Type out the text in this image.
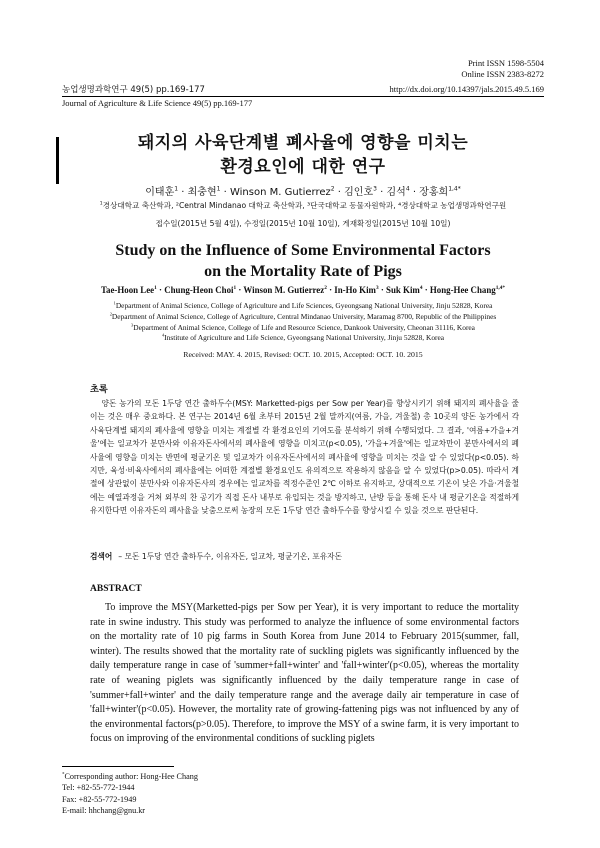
Print ISSN 1598-5504
Online ISSN 2383-8272
농업생명과학연구 49(5) pp.169-177	http://dx.doi.org/10.14397/jals.2015.49.5.169
Journal of Agriculture & Life Science 49(5) pp.169-177
돼지의 사육단계별 폐사율에 영향을 미치는
환경요인에 대한 연구
이태훈$^1$ · 최충현$^1$ · Winson M. Gutierrez$^2$ · 김인호$^3$ · 김석$^4$ · 장홍희$^{1,4*}$
$^1$경상대학교 축산학과, ²Central Mindanao 대학교 축산학과, ³단국대학교 동물자원학과, ⁴경상대학교 농업생명과학연구원
접수일(2015년 5월 4일), 수정일(2015년 10월 10일), 게재확정일(2015년 10월 10일)
Study on the Influence of Some Environmental Factors
on the Mortality Rate of Pigs
Tae-Hoon Lee$^1$ · Chung-Heon Choi$^1$ · Winson M. Gutierrez$^2$ · In-Ho Kim$^3$ · Suk Kim$^4$ · Hong-Hee Chang$^{1,4*}$
$^1$Department of Animal Science, College of Agriculture and Life Sciences, Gyeongsang National University, Jinju 52828, Korea
$^2$Department of Animal Science, College of Agriculture, Central Mindanao University, Maramag 8700, Republic of the Philippines
$^3$Department of Animal Science, College of Life and Resource Science, Dankook University, Cheonan 31116, Korea
$^4$Institute of Agriculture and Life Science, Gyeongsang National University, Jinju 52828, Korea
Received: MAY. 4. 2015, Revised: OCT. 10. 2015, Accepted: OCT. 10. 2015
초록
양돈 농가의 모돈 1두당 연간 출하두수(MSY: Marketted-pigs per Sow per Year)를 향상시키기 위해 돼지의 폐사율을 줄이는 것은 매우 중요하다. 본 연구는 2014년 6월 초부터 2015년 2월 말까지(여름, 가을, 겨울철) 총 10곳의 양돈 농가에서 각 사육단계별 돼지의 폐사율에 영향을 미치는 계절별 각 환경요인의 기여도를 분석하기 위해 수행되었다. 그 결과, '여름+가을+겨울'에는 일교차가 분만사와 이유자돈사에서의 폐사율에 영향을 미치고(p<0.05), '가을+겨울'에는 일교차만이 분만사에서의 폐사율에 영향을 미치는 반면에 평균기온 및 일교차가 이유자돈사에서의 폐사율에 영향을 미치는 것을 알 수 있었다(p<0.05). 하지만, 육성·비육사에서의 폐사율에는 어떠한 계절별 환경요인도 유의적으로 작용하지 않음을 알 수 있었다(p>0.05). 따라서 계절에 상관없이 분만사와 이유자돈사의 경우에는 일교차를 적정수준인 2℃ 이하로 유지하고, 상대적으로 기온이 낮은 가을·겨울철에는 예열과정을 거쳐 외부의 찬 공기가 직접 돈사 내부로 유입되는 것을 방지하고, 난방 등을 통해 돈사 내 평균기온을 적절하게 유지한다면 이유자돈의 폐사율을 낮춤으로써 농장의 모돈 1두당 연간 출하두수를 향상시킬 수 있을 것으로 판단된다.
검색어 – 모돈 1두당 연간 출하두수, 이유자돈, 일교차, 평균기온, 포유자돈
ABSTRACT
To improve the MSY(Marketted-pigs per Sow per Year), it is very important to reduce the mortality rate in swine industry. This study was performed to analyze the influence of some environmental factors on the mortality rate of 10 pig farms in South Korea from June 2014 to February 2015(summer, fall, winter). The results showed that the mortality rate of suckling piglets was significantly influenced by the daily temperature range in case of 'summer+fall+winter' and 'fall+winter'(p<0.05), whereas the mortality rate of weaning piglets was significantly influenced by the daily temperature range in case of 'summer+fall+winter' and the daily temperature range and the average daily air temperature in case of 'fall+winter'(p<0.05). However, the mortality rate of growing-fattening pigs was not influenced by any of the environmental factors(p>0.05). Therefore, to improve the MSY of a swine farm, it is very important to focus on improving of the environmental conditions of suckling piglets
*Corresponding author: Hong-Hee Chang
Tel: +82-55-772-1944
Fax: +82-55-772-1949
E-mail: hhchang@gnu.kr
